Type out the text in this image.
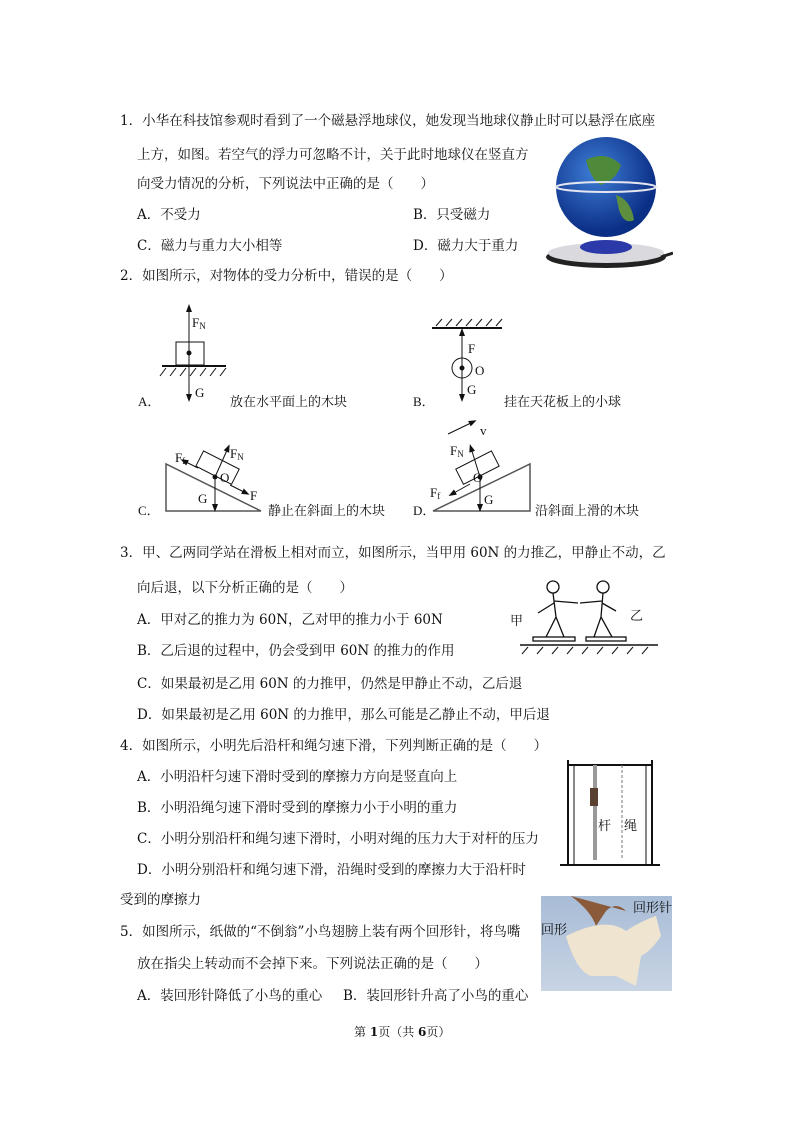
1．小华在科技馆参观时看到了一个磁悬浮地球仪，她发现当地球仪静止时可以悬浮在底座
上方，如图。若空气的浮力可忽略不计，关于此时地球仪在竖直方
向受力情况的分析，下列说法中正确的是（　　）
A．不受力	B．只受磁力
C．磁力与重力大小相等	D．磁力大于重力
2．如图所示，对物体的受力分析中，错误的是（　　）
FN
G
F
O
G
A．	放在水平面上的木块	B．	挂在天花板上的小球
FN
Ff
O
G	F
v
FN
O
Ff	G
C．	静止在斜面上的木块 D．	沿斜面上滑的木块
3．甲、乙两同学站在滑板上相对而立，如图所示，当甲用 60N 的力推乙，甲静止不动，乙
向后退，以下分析正确的是（　　）
A．甲对乙的推力为 60N，乙对甲的推力小于 60N
B．乙后退的过程中，仍会受到甲 60N 的推力的作用
C．如果最初是乙用 60N 的力推甲，仍然是甲静止不动，乙后退
D．如果最初是乙用 60N 的力推甲，那么可能是乙静止不动，甲后退
甲	乙
4．如图所示，小明先后沿杆和绳匀速下滑，下列判断正确的是（　　）
A．小明沿杆匀速下滑时受到的摩擦力方向是竖直向上
B．小明沿绳匀速下滑时受到的摩擦力小于小明的重力
C．小明分别沿杆和绳匀速下滑时，小明对绳的压力大于对杆的压力
D．小明分别沿杆和绳匀速下滑，沿绳时受到的摩擦力大于沿杆时
受到的摩擦力
杆 绳
5．如图所示，纸做的“不倒翁”小鸟翅膀上装有两个回形针，将鸟嘴
放在指尖上转动而不会掉下来。下列说法正确的是（　　）
A．装回形针降低了小鸟的重心 B．装回形针升高了小鸟的重心
回形针
回形
第 1页（共 6页）
